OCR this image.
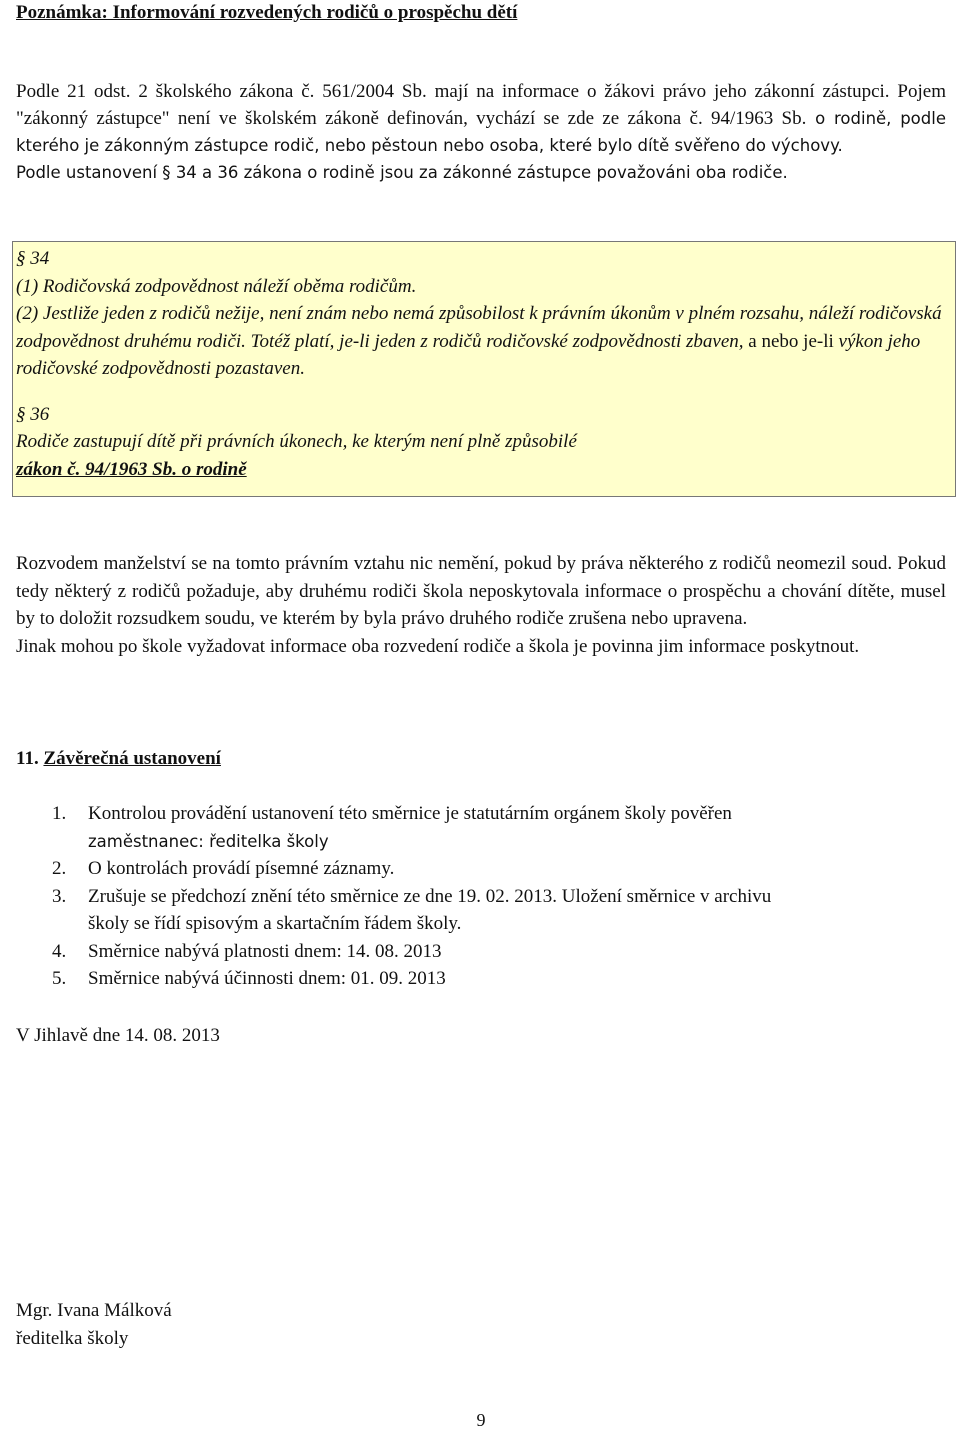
Poznámka: Informování rozvedených rodičů o prospěchu dětí

Podle 21 odst. 2 školského zákona č. 561/2004 Sb. mají na informace o žákovi právo jeho zákonní zástupci. Pojem "zákonný zástupce" není ve školském zákoně definován, vychází se zde ze zákona č. 94/1963 Sb. o rodině, podle kterého je zákonným zástupce rodič, nebo pěstoun nebo osoba, které bylo dítě svěřeno do výchovy.

Podle ustanovení § 34 a 36 zákona o rodině jsou za zákonné zástupce považováni oba rodiče.

§ 34

(1) Rodičovská zodpovědnost náleží oběma rodičům.

(2) Jestliže jeden z rodičů nežije, není znám nebo nemá způsobilost k právním úkonům v plném rozsahu, náleží rodičovská zodpovědnost druhému rodiči. Totéž platí, je-li jeden z rodičů rodičovské zodpovědnosti zbaven, a nebo je-li výkon jeho rodičovské zodpovědnosti pozastaven.

§ 36

Rodiče zastupují dítě při právních úkonech, ke kterým není plně způsobilé

zákon č. 94/1963 Sb. o rodině

Rozvodem manželství se na tomto právním vztahu nic nemění, pokud by práva některého z rodičů neomezil soud. Pokud tedy některý z rodičů požaduje, aby druhému rodiči škola neposkytovala informace o prospěchu a chování dítěte, musel by to doložit rozsudkem soudu, ve kterém by byla právo druhého rodiče zrušena nebo upravena.

Jinak mohou po škole vyžadovat informace oba rozvedení rodiče a škola je povinna jim informace poskytnout.

11. Závěrečná ustanovení
1. Kontrolou provádění ustanovení této směrnice je statutárním orgánem školy pověřen
zaměstnanec: ředitelka školy
2. O kontrolách provádí písemné záznamy.
3. Zrušuje se předchozí znění této směrnice ze dne 19. 02. 2013. Uložení směrnice v archivu
školy se řídí spisovým a skartačním řádem školy.
4. Směrnice nabývá platnosti dnem: 14. 08. 2013
5. Směrnice nabývá účinnosti dnem: 01. 09. 2013
V Jihlavě dne 14. 08. 2013
Mgr. Ivana Málková
ředitelka školy
9
